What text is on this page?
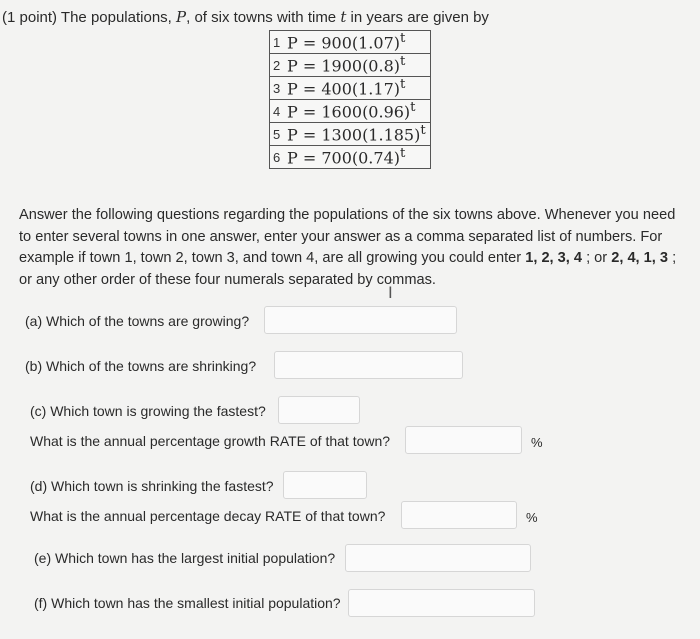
(1 point) The populations, P, of six towns with time t in years are given by
1	$P = 900(1.07)^t$
2	$P = 1900(0.8)^t$
3	$P = 400(1.17)^t$
4	$P = 1600(0.96)^t$
5	$P = 1300(1.185)^t$
6	$P = 700(0.74)^t$
Answer the following questions regarding the populations of the six towns above. Whenever you need to enter several towns in one answer, enter your answer as a comma separated list of numbers. For example if town 1, town 2, town 3, and town 4, are all growing you could enter 1, 2, 3, 4 ; or 2, 4, 1, 3 ; or any other order of these four numerals separated by commas.
I
(a) Which of the towns are growing?
(b) Which of the towns are shrinking?
(c) Which town is growing the fastest?
What is the annual percentage growth RATE of that town?	%
(d) Which town is shrinking the fastest?
What is the annual percentage decay RATE of that town?	%
(e) Which town has the largest initial population?
(f) Which town has the smallest initial population?
